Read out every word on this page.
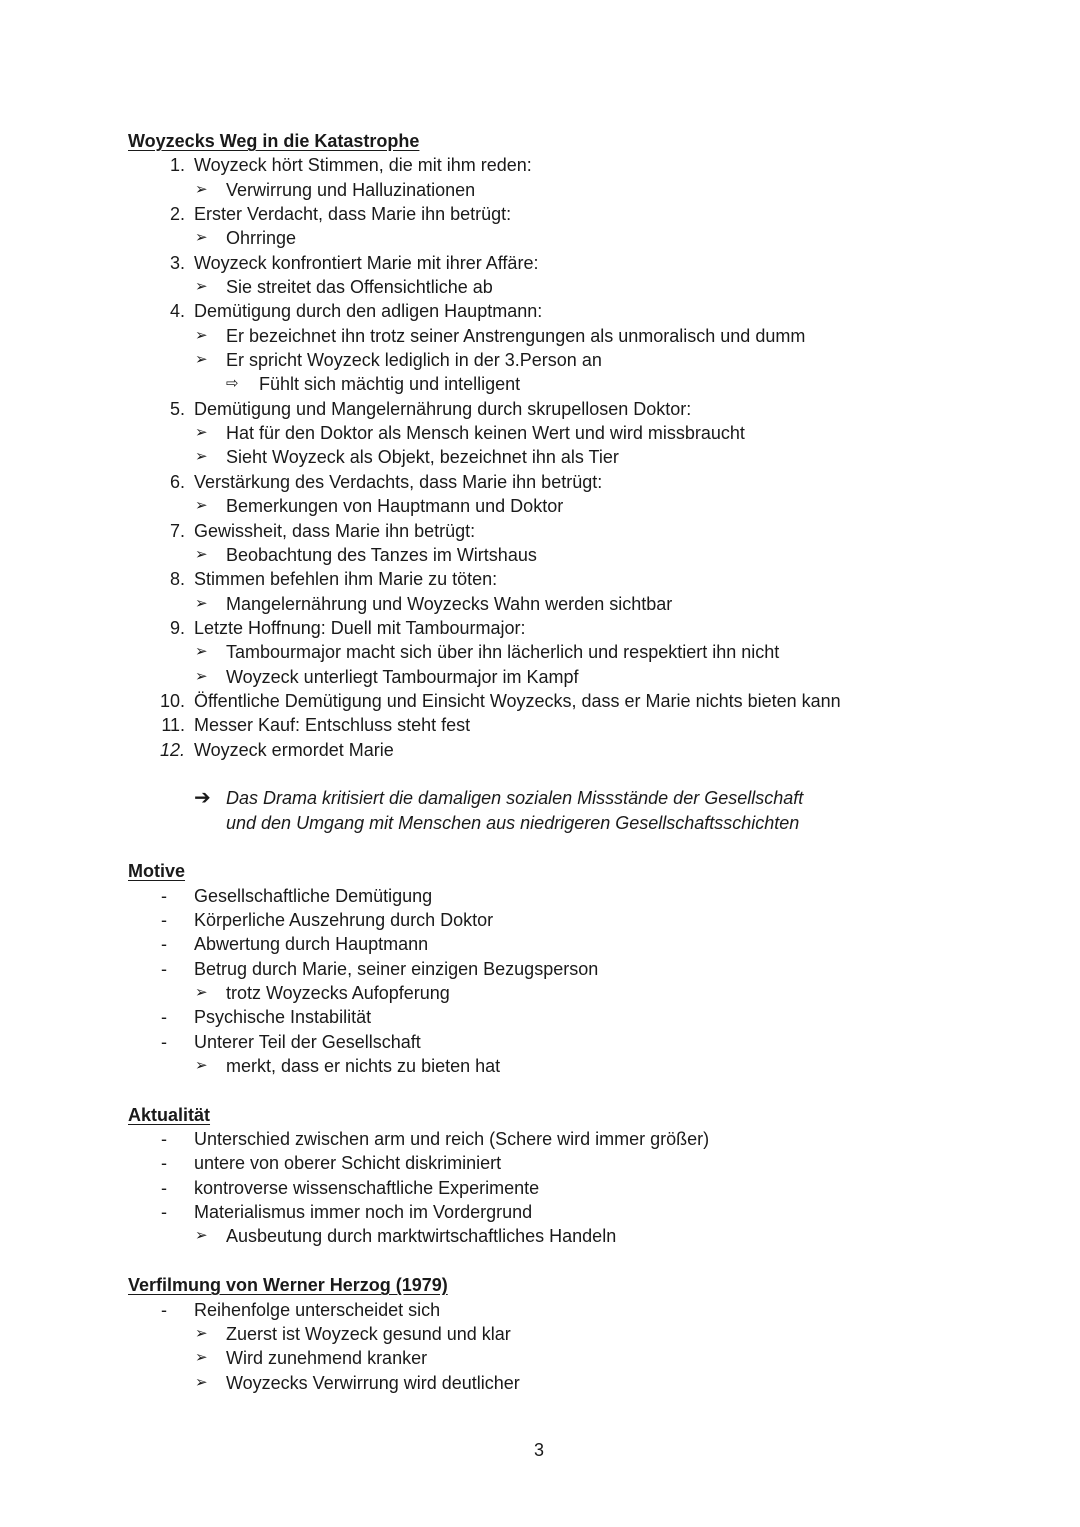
Woyzecks Weg in die Katastrophe
1. Woyzeck hört Stimmen, die mit ihm reden:
➢ Verwirrung und Halluzinationen
2. Erster Verdacht, dass Marie ihn betrügt:
➢ Ohrringe
3. Woyzeck konfrontiert Marie mit ihrer Affäre:
➢ Sie streitet das Offensichtliche ab
4. Demütigung durch den adligen Hauptmann:
➢ Er bezeichnet ihn trotz seiner Anstrengungen als unmoralisch und dumm
➢ Er spricht Woyzeck lediglich in der 3.Person an
⇨ Fühlt sich mächtig und intelligent
5. Demütigung und Mangelernährung durch skrupellosen Doktor:
➢ Hat für den Doktor als Mensch keinen Wert und wird missbraucht
➢ Sieht Woyzeck als Objekt, bezeichnet ihn als Tier
6. Verstärkung des Verdachts, dass Marie ihn betrügt:
➢ Bemerkungen von Hauptmann und Doktor
7. Gewissheit, dass Marie ihn betrügt:
➢ Beobachtung des Tanzes im Wirtshaus
8. Stimmen befehlen ihm Marie zu töten:
➢ Mangelernährung und Woyzecks Wahn werden sichtbar
9. Letzte Hoffnung: Duell mit Tambourmajor:
➢ Tambourmajor macht sich über ihn lächerlich und respektiert ihn nicht
➢ Woyzeck unterliegt Tambourmajor im Kampf
10. Öffentliche Demütigung und Einsicht Woyzecks, dass er Marie nichts bieten kann
11. Messer Kauf: Entschluss steht fest
12. Woyzeck ermordet Marie
➔ Das Drama kritisiert die damaligen sozialen Missstände der Gesellschaft
und den Umgang mit Menschen aus niedrigeren Gesellschaftsschichten
Motive
- Gesellschaftliche Demütigung
- Körperliche Auszehrung durch Doktor
- Abwertung durch Hauptmann
- Betrug durch Marie, seiner einzigen Bezugsperson
➢ trotz Woyzecks Aufopferung
- Psychische Instabilität
- Unterer Teil der Gesellschaft
➢ merkt, dass er nichts zu bieten hat
Aktualität
- Unterschied zwischen arm und reich (Schere wird immer größer)
- untere von oberer Schicht diskriminiert
- kontroverse wissenschaftliche Experimente
- Materialismus immer noch im Vordergrund
➢ Ausbeutung durch marktwirtschaftliches Handeln
Verfilmung von Werner Herzog (1979)
- Reihenfolge unterscheidet sich
➢ Zuerst ist Woyzeck gesund und klar
➢ Wird zunehmend kranker
➢ Woyzecks Verwirrung wird deutlicher
3
